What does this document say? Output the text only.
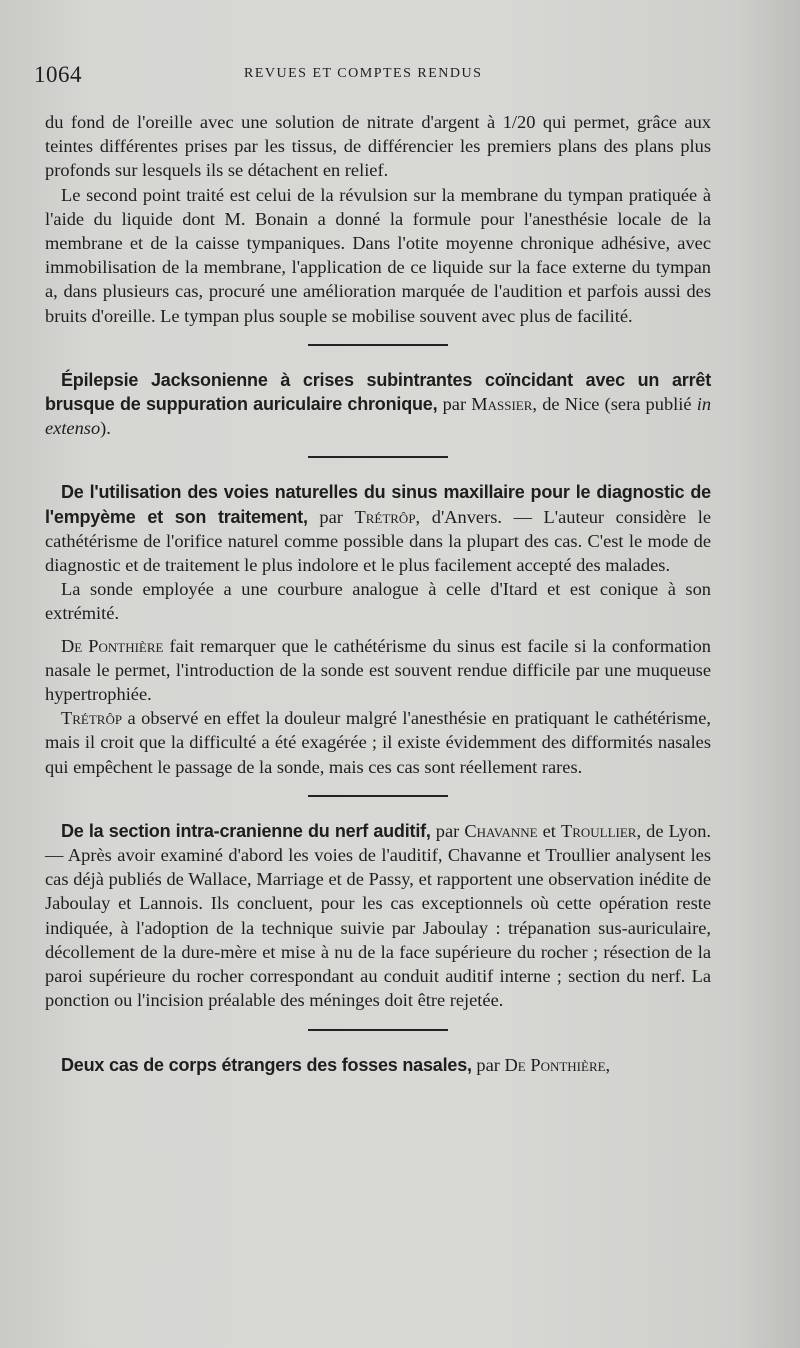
1064	REVUES ET COMPTES RENDUS

du fond de l'oreille avec une solution de nitrate d'argent à 1/20 qui permet, grâce aux teintes différentes prises par les tissus, de différencier les premiers plans des plans plus profonds sur lesquels ils se détachent en relief.

Le second point traité est celui de la révulsion sur la membrane du tympan pratiquée à l'aide du liquide dont M. Bonain a donné la formule pour l'anesthésie locale de la membrane et de la caisse tympaniques. Dans l'otite moyenne chronique adhésive, avec immobilisation de la membrane, l'application de ce liquide sur la face externe du tympan a, dans plusieurs cas, procuré une amélioration marquée de l'audition et parfois aussi des bruits d'oreille. Le tympan plus souple se mobilise souvent avec plus de facilité.

Épilepsie Jacksonienne à crises subintrantes coïncidant avec un arrêt brusque de suppuration auriculaire chronique, par Massier, de Nice (sera publié in extenso).

De l'utilisation des voies naturelles du sinus maxillaire pour le diagnostic de l'empyème et son traitement, par Trétrôp, d'Anvers. — L'auteur considère le cathétérisme de l'orifice naturel comme possible dans la plupart des cas. C'est le mode de diagnostic et de traitement le plus indolore et le plus facilement accepté des malades.

La sonde employée a une courbure analogue à celle d'Itard et est conique à son extrémité.

De Ponthière fait remarquer que le cathétérisme du sinus est facile si la conformation nasale le permet, l'introduction de la sonde est souvent rendue difficile par une muqueuse hypertrophiée.

Trétrôp a observé en effet la douleur malgré l'anesthésie en pratiquant le cathétérisme, mais il croit que la difficulté a été exagérée ; il existe évidemment des difformités nasales qui empêchent le passage de la sonde, mais ces cas sont réellement rares.

De la section intra-cranienne du nerf auditif, par Chavanne et Troullier, de Lyon. — Après avoir examiné d'abord les voies de l'auditif, Chavanne et Troullier analysent les cas déjà publiés de Wallace, Marriage et de Passy, et rapportent une observation inédite de Jaboulay et Lannois. Ils concluent, pour les cas exceptionnels où cette opération reste indiquée, à l'adoption de la technique suivie par Jaboulay : trépanation sus-auriculaire, décollement de la dure-mère et mise à nu de la face supérieure du rocher ; résection de la paroi supérieure du rocher correspondant au conduit auditif interne ; section du nerf. La ponction ou l'incision préalable des méninges doit être rejetée.

Deux cas de corps étrangers des fosses nasales, par De Ponthière,
